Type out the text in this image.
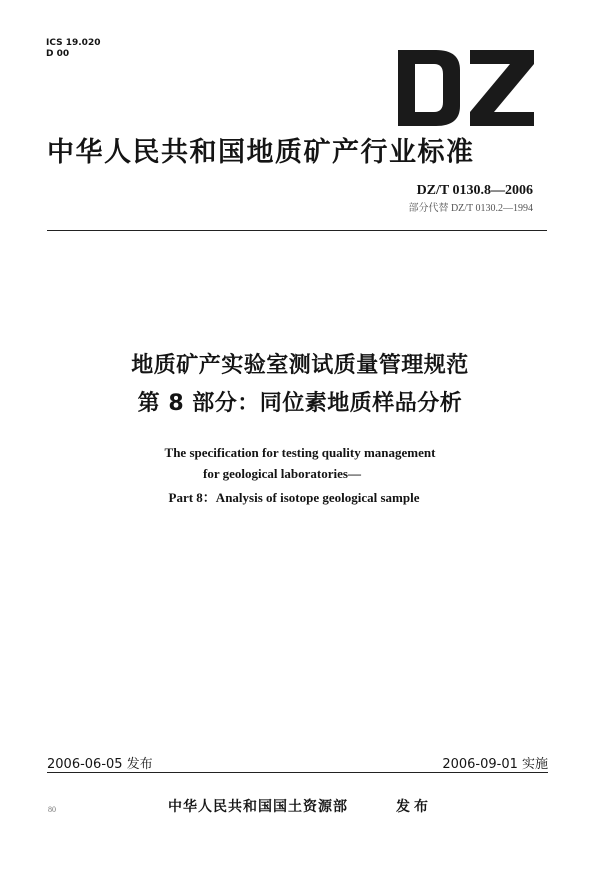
ICS 19.020
D 00
中华人民共和国地质矿产行业标准
DZ/T 0130.8—2006
部分代替 DZ/T 0130.2—1994
地质矿产实验室测试质量管理规范
第 8 部分：同位素地质样品分析
The specification for testing quality management
for geological laboratories—
Part 8：Analysis of isotope geological sample
2006-06-05 发布	2006-09-01 实施
中华人民共和国国土资源部	发布
80
